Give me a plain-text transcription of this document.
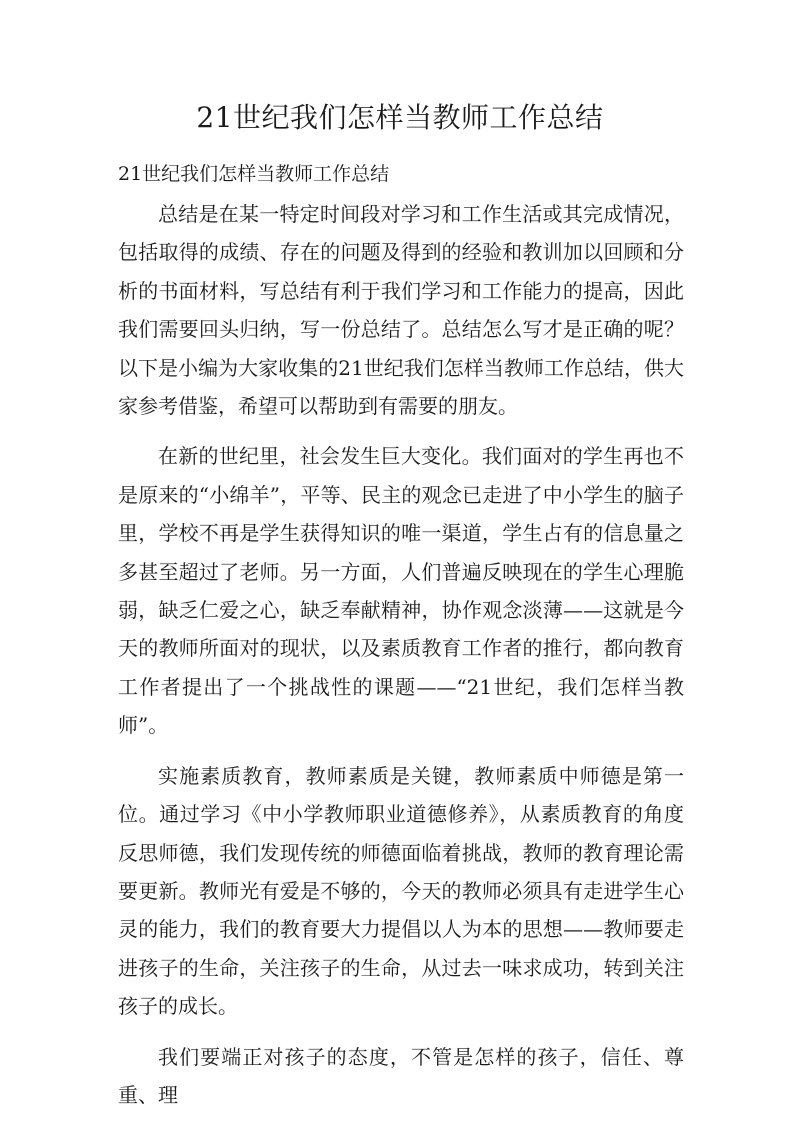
21世纪我们怎样当教师工作总结

21世纪我们怎样当教师工作总结

总结是在某一特定时间段对学习和工作生活或其完成情况，包括取得的成绩、存在的问题及得到的经验和教训加以回顾和分析的书面材料，写总结有利于我们学习和工作能力的提高，因此我们需要回头归纳，写一份总结了。总结怎么写才是正确的呢？以下是小编为大家收集的21世纪我们怎样当教师工作总结，供大家参考借鉴，希望可以帮助到有需要的朋友。

在新的世纪里，社会发生巨大变化。我们面对的学生再也不是原来的“小绵羊”，平等、民主的观念已走进了中小学生的脑子里，学校不再是学生获得知识的唯一渠道，学生占有的信息量之多甚至超过了老师。另一方面，人们普遍反映现在的学生心理脆弱，缺乏仁爱之心，缺乏奉献精神，协作观念淡薄——这就是今天的教师所面对的现状，以及素质教育工作者的推行，都向教育工作者提出了一个挑战性的课题——“21世纪，我们怎样当教师”。

实施素质教育，教师素质是关键，教师素质中师德是第一位。通过学习《中小学教师职业道德修养》，从素质教育的角度反思师德，我们发现传统的师德面临着挑战，教师的教育理论需要更新。教师光有爱是不够的，今天的教师必须具有走进学生心灵的能力，我们的教育要大力提倡以人为本的思想——教师要走进孩子的生命，关注孩子的生命，从过去一味求成功，转到关注孩子的成长。

我们要端正对孩子的态度，不管是怎样的孩子，信任、尊重、理
